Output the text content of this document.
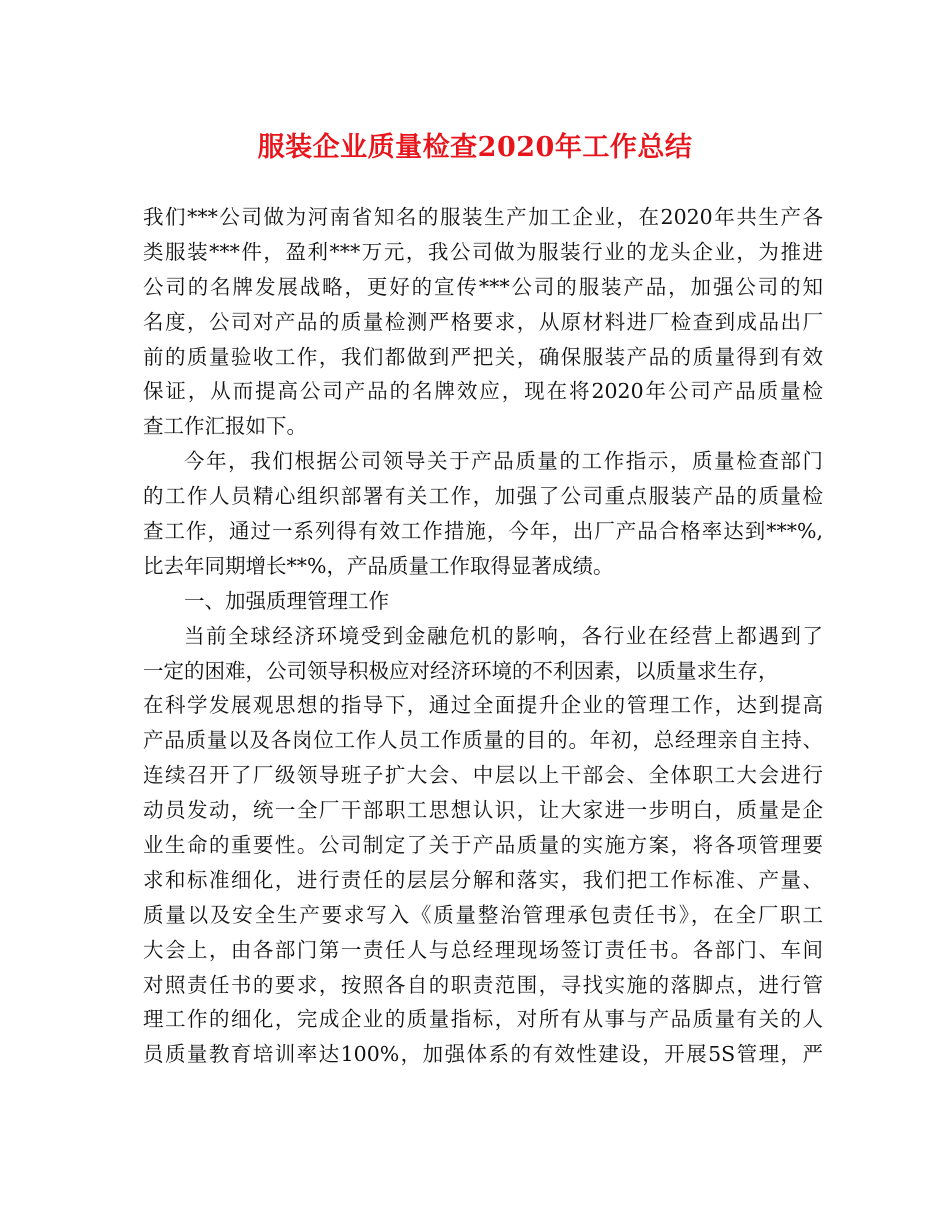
服装企业质量检查2020年工作总结
我们***公司做为河南省知名的服装生产加工企业，在2020年共生产各
类服装***件，盈利***万元，我公司做为服装行业的龙头企业，为推进
公司的名牌发展战略，更好的宣传***公司的服装产品，加强公司的知
名度，公司对产品的质量检测严格要求，从原材料进厂检查到成品出厂
前的质量验收工作，我们都做到严把关，确保服装产品的质量得到有效
保证，从而提高公司产品的名牌效应，现在将2020年公司产品质量检
查工作汇报如下。
今年，我们根据公司领导关于产品质量的工作指示，质量检查部门
的工作人员精心组织部署有关工作，加强了公司重点服装产品的质量检
查工作，通过一系列得有效工作措施，今年，出厂产品合格率达到***%,
比去年同期增长**%，产品质量工作取得显著成绩。
一、加强质理管理工作
当前全球经济环境受到金融危机的影响，各行业在经营上都遇到了
一定的困难，公司领导积极应对经济环境的不利因素，以质量求生存，
在科学发展观思想的指导下，通过全面提升企业的管理工作，达到提高
产品质量以及各岗位工作人员工作质量的目的。年初，总经理亲自主持、
连续召开了厂级领导班子扩大会、中层以上干部会、全体职工大会进行
动员发动，统一全厂干部职工思想认识，让大家进一步明白，质量是企
业生命的重要性。公司制定了关于产品质量的实施方案，将各项管理要
求和标准细化，进行责任的层层分解和落实，我们把工作标准、产量、
质量以及安全生产要求写入《质量整治管理承包责任书》，在全厂职工
大会上，由各部门第一责任人与总经理现场签订责任书。各部门、车间
对照责任书的要求，按照各自的职责范围，寻找实施的落脚点，进行管
理工作的细化，完成企业的质量指标，对所有从事与产品质量有关的人
员质量教育培训率达100%，加强体系的有效性建设，开展5S管理，严
